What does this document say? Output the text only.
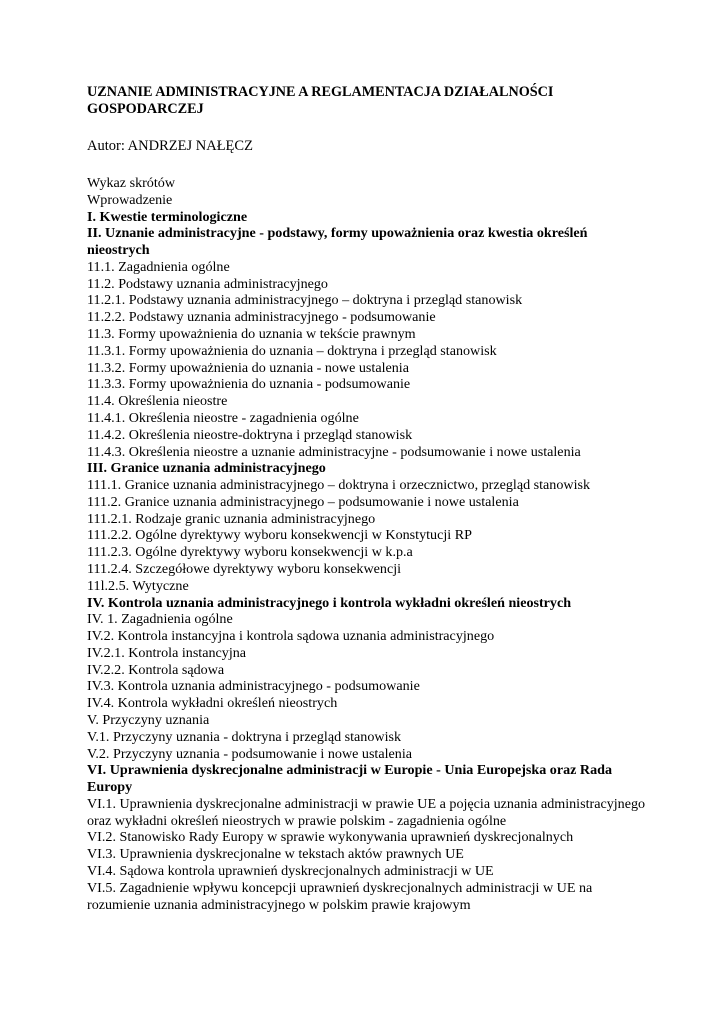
UZNANIE ADMINISTRACYJNE A REGLAMENTACJA DZIAŁALNOŚCI GOSPODARCZEJ

Autor: ANDRZEJ NAŁĘCZ

Wykaz skrótów
Wprowadzenie
I. Kwestie terminologiczne
II. Uznanie administracyjne - podstawy, formy upoważnienia oraz kwestia określeń nieostrych
11.1. Zagadnienia ogólne
11.2. Podstawy uznania administracyjnego
11.2.1. Podstawy uznania administracyjnego – doktryna i przegląd stanowisk
11.2.2. Podstawy uznania administracyjnego - podsumowanie
11.3. Formy upoważnienia do uznania w tekście prawnym
11.3.1. Formy upoważnienia do uznania – doktryna i przegląd stanowisk
11.3.2. Formy upoważnienia do uznania - nowe ustalenia
11.3.3. Formy upoważnienia do uznania - podsumowanie
11.4. Określenia nieostre
11.4.1. Określenia nieostre - zagadnienia ogólne
11.4.2. Określenia nieostre-doktryna i przegląd stanowisk
11.4.3. Określenia nieostre a uznanie administracyjne - podsumowanie i nowe ustalenia
III. Granice uznania administracyjnego
111.1. Granice uznania administracyjnego – doktryna i orzecznictwo, przegląd stanowisk
111.2. Granice uznania administracyjnego – podsumowanie i nowe ustalenia
111.2.1. Rodzaje granic uznania administracyjnego
111.2.2. Ogólne dyrektywy wyboru konsekwencji w Konstytucji RP
111.2.3. Ogólne dyrektywy wyboru konsekwencji w k.p.a
111.2.4. Szczegółowe dyrektywy wyboru konsekwencji
11l.2.5. Wytyczne
IV. Kontrola uznania administracyjnego i kontrola wykładni określeń nieostrych
IV. 1. Zagadnienia ogólne
IV.2. Kontrola instancyjna i kontrola sądowa uznania administracyjnego
IV.2.1. Kontrola instancyjna
IV.2.2. Kontrola sądowa
IV.3. Kontrola uznania administracyjnego - podsumowanie
IV.4. Kontrola wykładni określeń nieostrych
V. Przyczyny uznania
V.1. Przyczyny uznania - doktryna i przegląd stanowisk
V.2. Przyczyny uznania - podsumowanie i nowe ustalenia
VI. Uprawnienia dyskrecjonalne administracji w Europie - Unia Europejska oraz Rada Europy
VI.1. Uprawnienia dyskrecjonalne administracji w prawie UE a pojęcia uznania administracyjnego oraz wykładni określeń nieostrych w prawie polskim - zagadnienia ogólne
VI.2. Stanowisko Rady Europy w sprawie wykonywania uprawnień dyskrecjonalnych
VI.3. Uprawnienia dyskrecjonalne w tekstach aktów prawnych UE
VI.4. Sądowa kontrola uprawnień dyskrecjonalnych administracji w UE
VI.5. Zagadnienie wpływu koncepcji uprawnień dyskrecjonalnych administracji w UE na rozumienie uznania administracyjnego w polskim prawie krajowym
